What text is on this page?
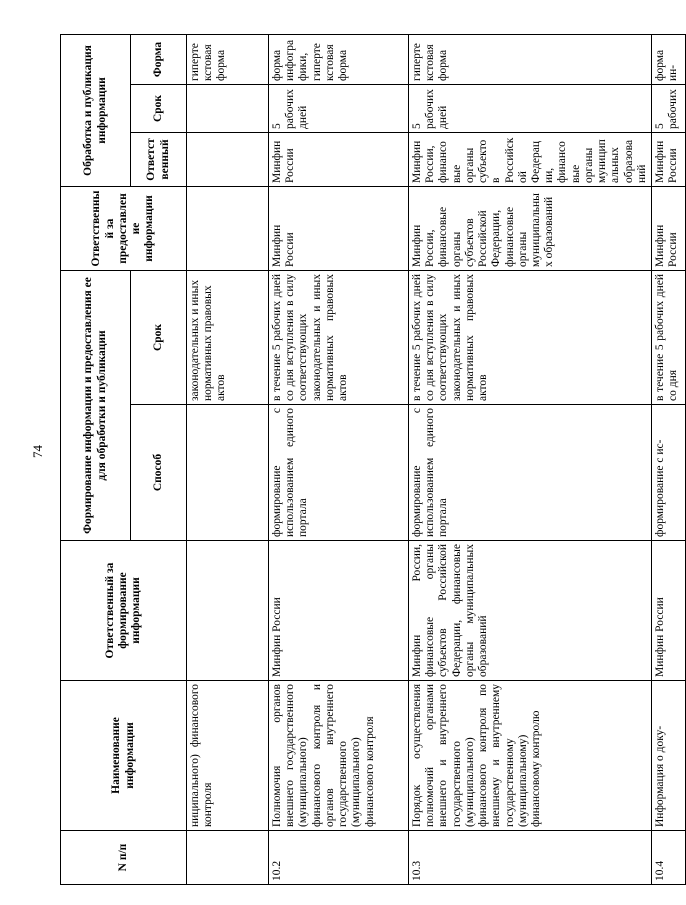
74
N п/п	Наименование информации	Ответственный за формирование информации	Формирование информации и предоставления ее для обработки и публикации		Ответственный за предоставление информации	Обработка и публикация информации		
			Способ	Срок		Ответственный	Срок	Форма
	ниципального) финансового контроля			законодательных и иных нормативных правовых актов				гипертекстовая форма
10.2	Полномочия органов внешнего государственного (муниципального) финансового контроля и органов внутреннего государственного (муниципального) финансового контроля	Минфин России	формирование с использованием единого портала	в течение 5 рабочих дней со дня вступления в силу соответствующих законодательных и иных нормативных правовых актов	Минфин России	Минфин России	5 рабочих дней	форма инфографики, гипертекстовая форма
10.3	Порядок осуществления полномочий органами внешнего и внутреннего государственного (муниципального) финансового контроля по внешнему и внутреннему государственному (муниципальному) финансовому контролю	Минфин России, финансовые органы субъектов Российской Федерации, финансовые органы муниципальных образований	формирование с использованием единого портала	в течение 5 рабочих дней со дня вступления в силу соответствующих законодательных и иных нормативных правовых актов	Минфин России, финансовые органы субъектов Российской Федерации, финансовые органы муниципальных образований	Минфин России, финансовые органы субъектов Российской Федерации, финансовые органы муниципальных образований	5 рабочих дней	гипертекстовая форма
10.4	Информация о доку-	Минфин России	формирование с ис-	в течение 5 рабочих дней со дня	Минфин России	Минфин России	5 рабочих	форма ин-
